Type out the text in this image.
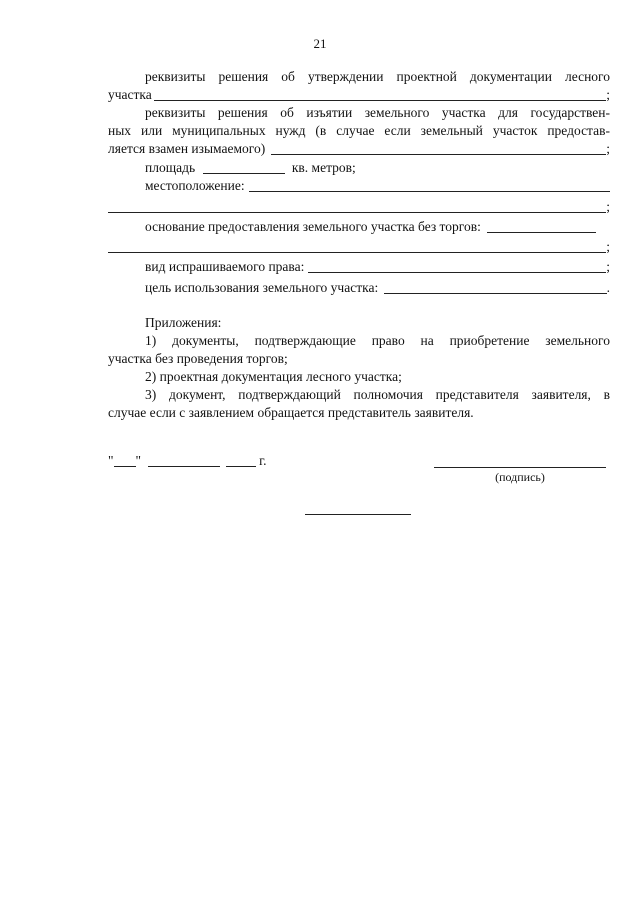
21
реквизиты решения об утверждении проектной документации лесного
участка	;
реквизиты решения об изъятии земельного участка для государствен-
ных или муниципальных нужд (в случае если земельный участок предостав-
ляется взамен изымаемого)	;
площадь	кв. метров;
местоположение:
;
основание предоставления земельного участка без торгов:
;
вид испрашиваемого права:	;
цель использования земельного участка:	.
Приложения:
1) документы, подтверждающие право на приобретение земельного
участка без проведения торгов;
2) проектная документация лесного участка;
3) документ, подтверждающий полномочия представителя заявителя, в
случае если с заявлением обращается представитель заявителя.
" "	г.
(подпись)
